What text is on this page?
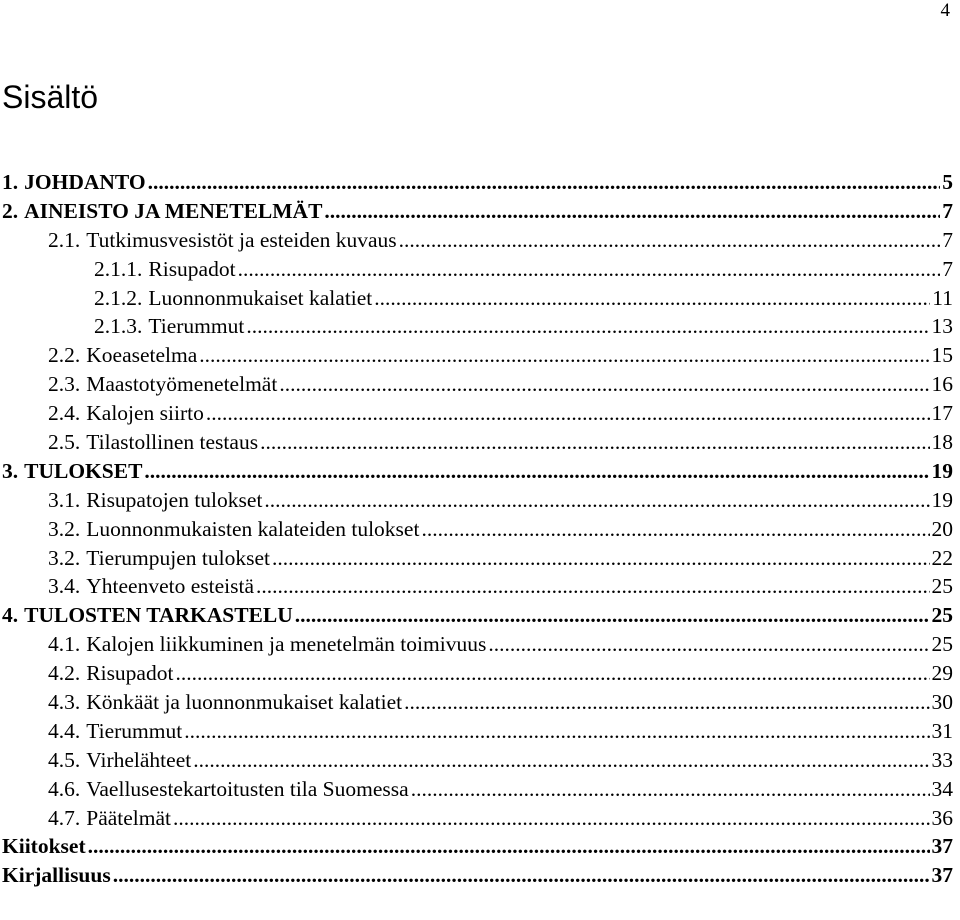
4
Sisältö
1. JOHDANTO .....	5
2. AINEISTO JA MENETELMÄT .....	7
2.1. Tutkimusvesistöt ja esteiden kuvaus .....	7
2.1.1. Risupadot .....	7
2.1.2. Luonnonmukaiset kalatiet .....	11
2.1.3. Tierummut .....	13
2.2. Koeasetelma .....	15
2.3. Maastotyömenetelmät .....	16
2.4. Kalojen siirto .....	17
2.5. Tilastollinen testaus .....	18
3. TULOKSET .....	19
3.1. Risupatojen tulokset .....	19
3.2. Luonnonmukaisten kalateiden tulokset .....	20
3.2. Tierumpujen tulokset .....	22
3.4. Yhteenveto esteistä .....	25
4. TULOSTEN TARKASTELU .....	25
4.1. Kalojen liikkuminen ja menetelmän toimivuus .....	25
4.2. Risupadot .....	29
4.3. Könkäät ja luonnonmukaiset kalatiet .....	30
4.4. Tierummut .....	31
4.5. Virhelähteet .....	33
4.6. Vaellusestekartoitusten tila Suomessa .....	34
4.7. Päätelmät .....	36
Kiitokset .....	37
Kirjallisuus .....	37
